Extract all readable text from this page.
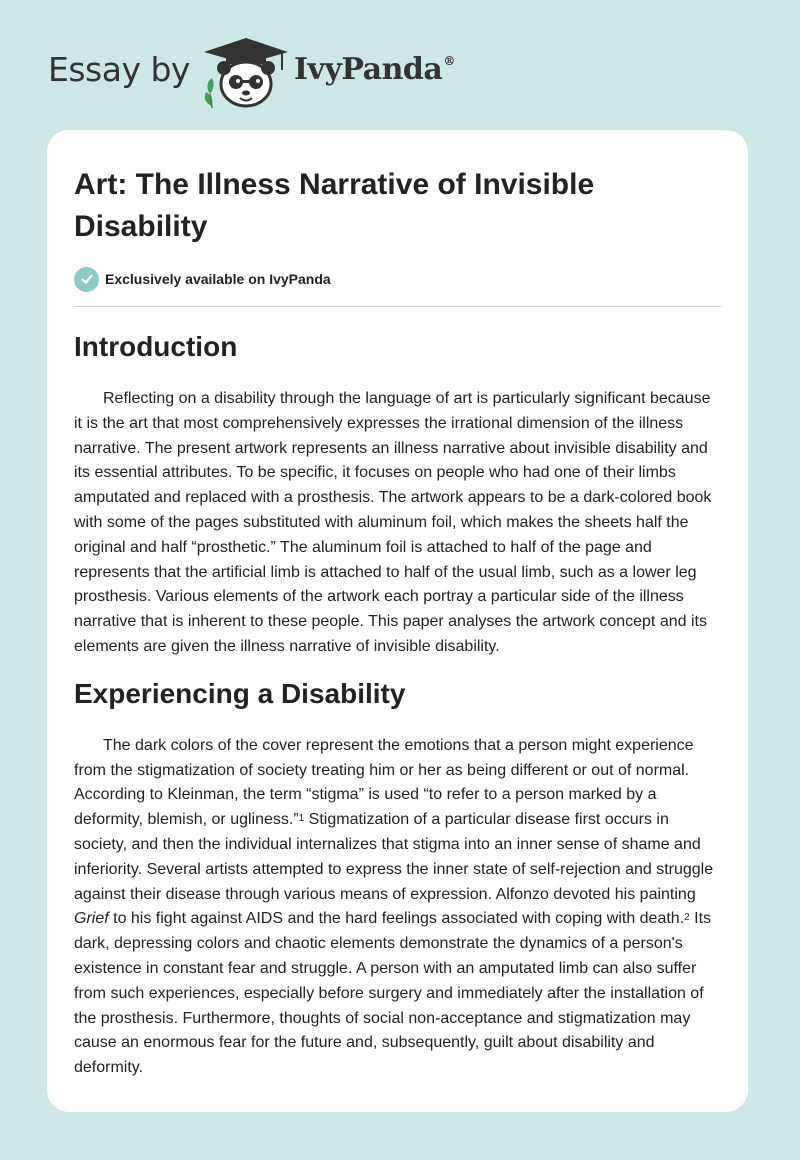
Essay by	IvyPanda®
Art: The Illness Narrative of Invisible Disability
Exclusively available on IvyPanda
Introduction

Reflecting on a disability through the language of art is particularly significant because it is the art that most comprehensively expresses the irrational dimension of the illness narrative. The present artwork represents an illness narrative about invisible disability and its essential attributes. To be specific, it focuses on people who had one of their limbs amputated and replaced with a prosthesis. The artwork appears to be a dark-colored book with some of the pages substituted with aluminum foil, which makes the sheets half the original and half “prosthetic.” The aluminum foil is attached to half of the page and represents that the artificial limb is attached to half of the usual limb, such as a lower leg prosthesis. Various elements of the artwork each portray a particular side of the illness narrative that is inherent to these people. This paper analyses the artwork concept and its elements are given the illness narrative of invisible disability.

Experiencing a Disability

The dark colors of the cover represent the emotions that a person might experience from the stigmatization of society treating him or her as being different or out of normal. According to Kleinman, the term “stigma” is used “to refer to a person marked by a deformity, blemish, or ugliness.”$^1$ Stigmatization of a particular disease first occurs in society, and then the individual internalizes that stigma into an inner sense of shame and inferiority. Several artists attempted to express the inner state of self-rejection and struggle against their disease through various means of expression. Alfonzo devoted his painting Grief to his fight against AIDS and the hard feelings associated with coping with death.$^2$ Its dark, depressing colors and chaotic elements demonstrate the dynamics of a person's existence in constant fear and struggle. A person with an amputated limb can also suffer from such experiences, especially before surgery and immediately after the installation of the prosthesis. Furthermore, thoughts of social non-acceptance and stigmatization may cause an enormous fear for the future and, subsequently, guilt about disability and deformity.
